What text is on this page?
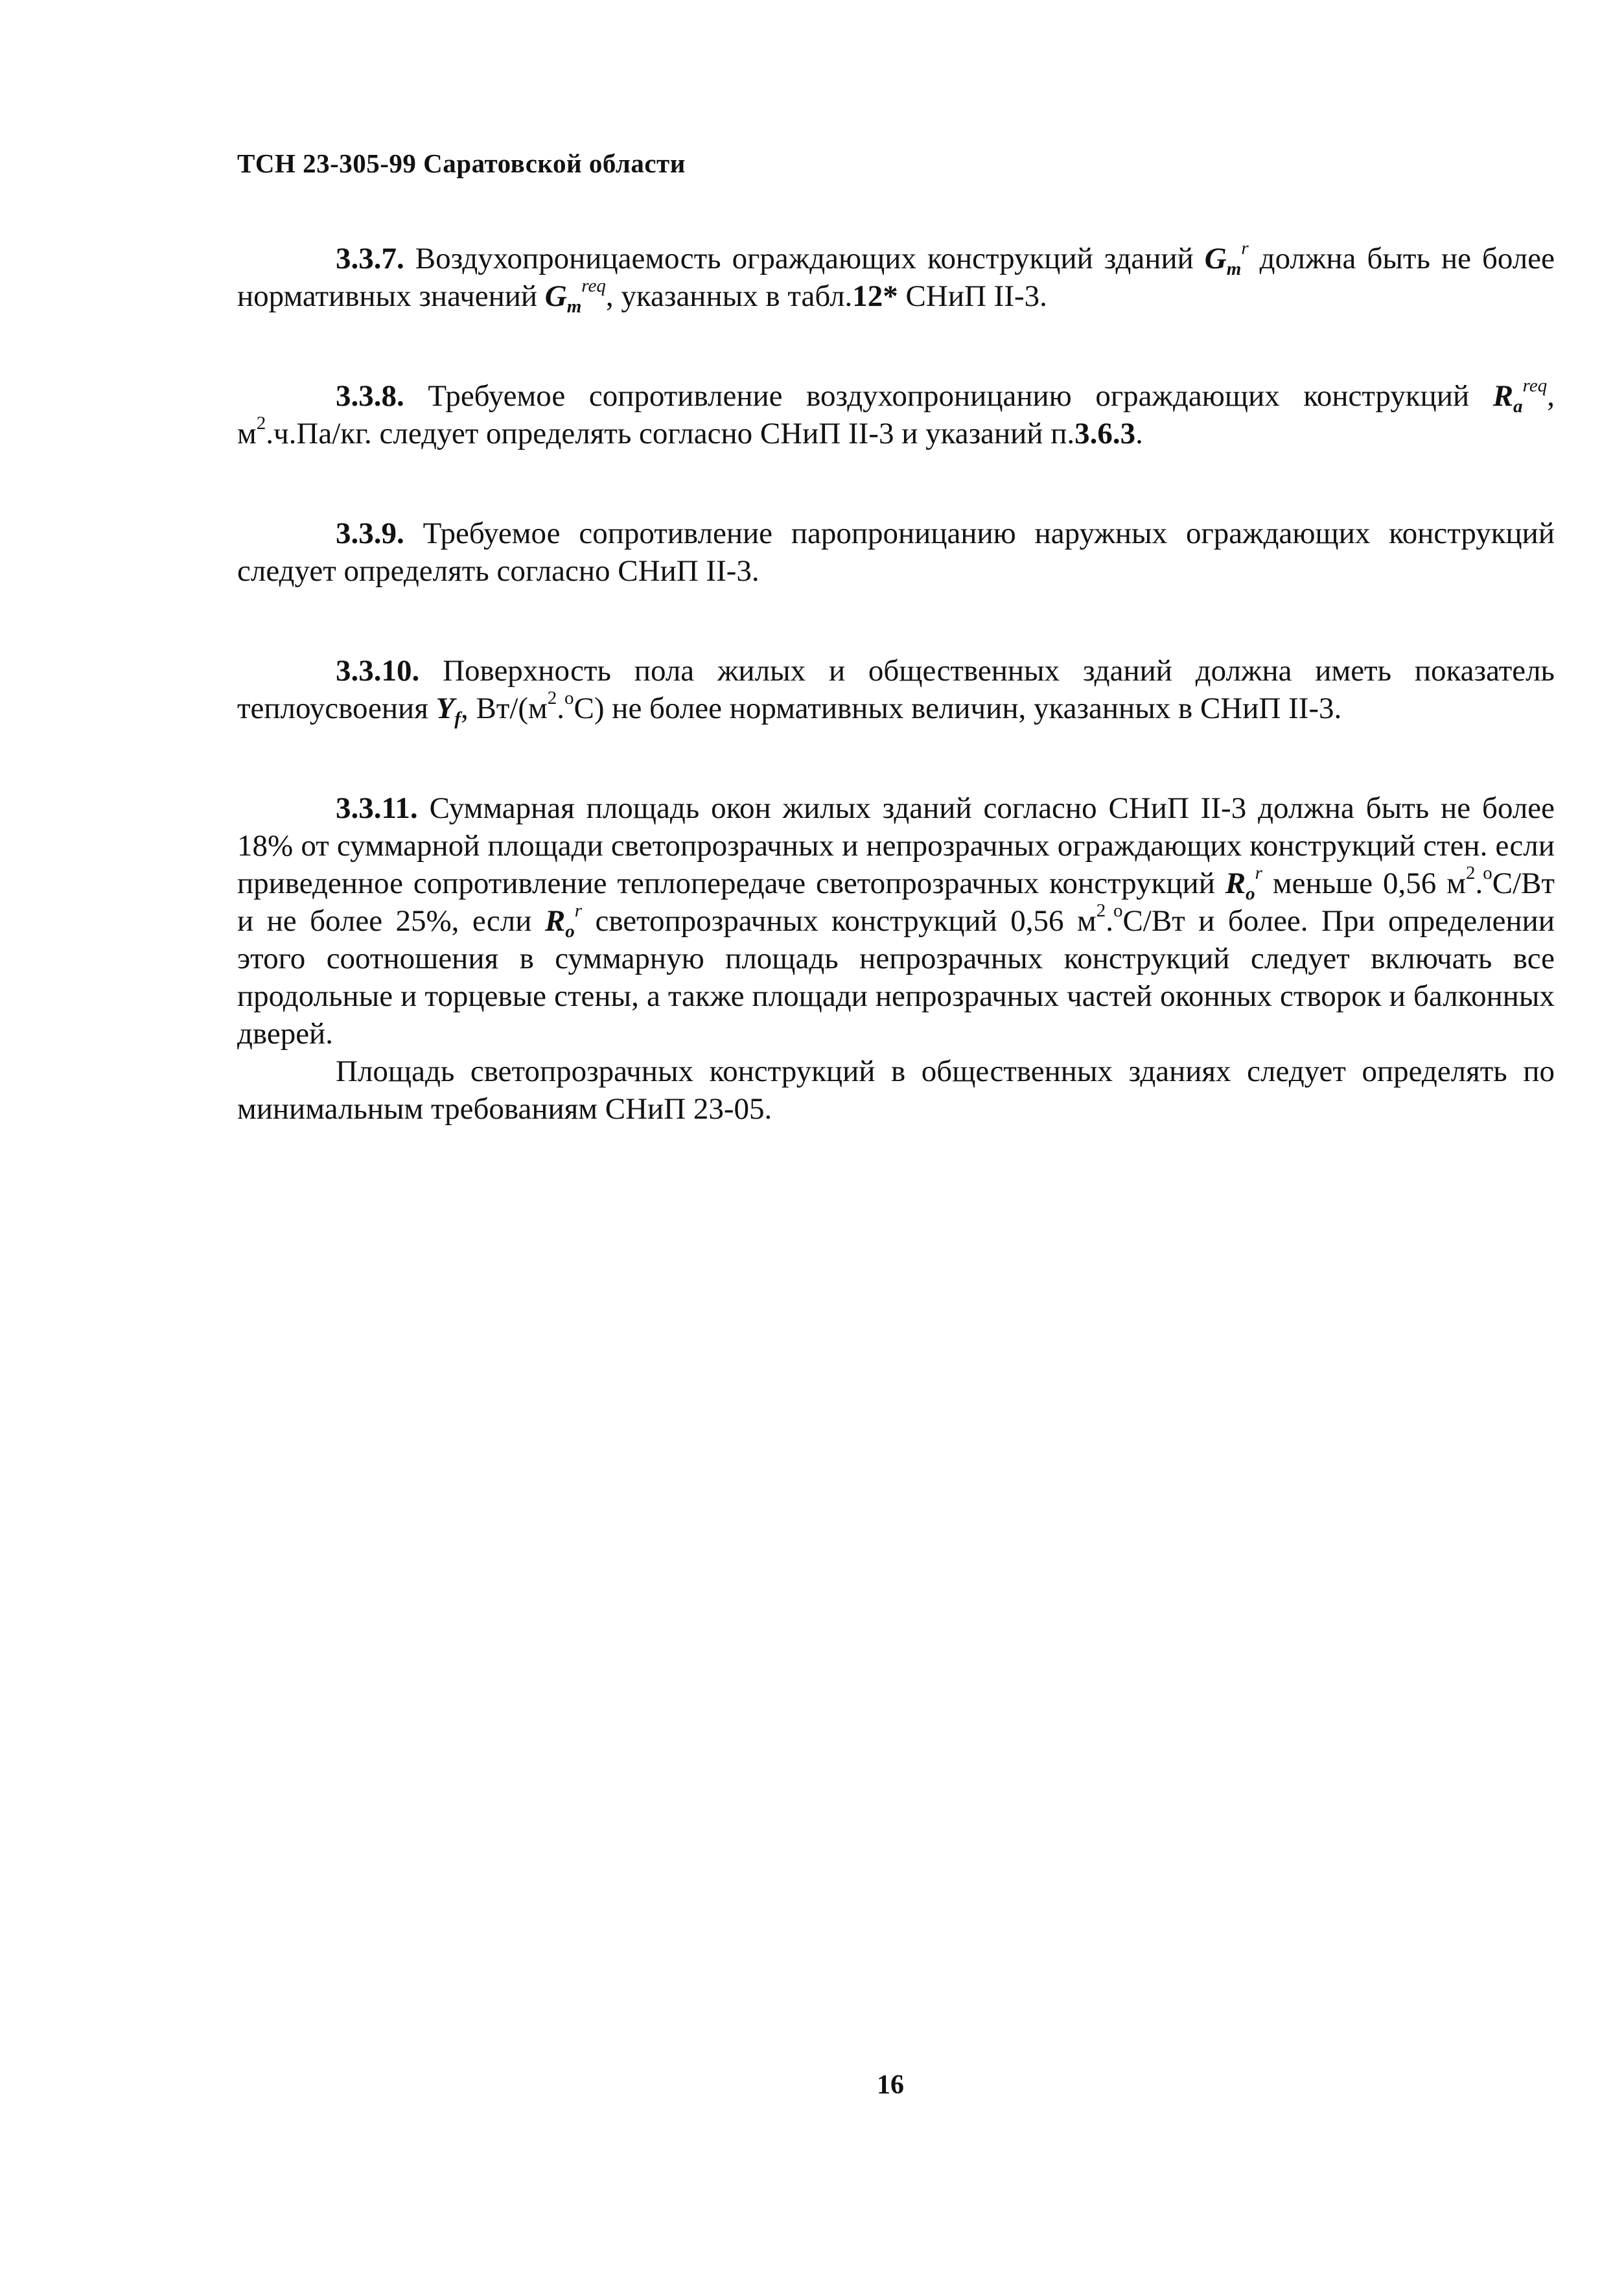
ТСН 23-305-99 Саратовской области

3.3.7. Воздухопроницаемость ограждающих конструкций зданий $G_m^r$ должна быть не более нормативных значений $G_m^{req}$, указанных в табл.12* СНиП II-3.

3.3.8. Требуемое сопротивление воздухопроницанию ограждающих конструкций $R_a^{req}$, $м^2.ч.Па/кг$. следует определять согласно СНиП II-3 и указаний п.3.6.3.

3.3.9. Требуемое сопротивление паропроницанию наружных ограждающих конструкций следует определять согласно СНиП II-3.

3.3.10. Поверхность пола жилых и общественных зданий должна иметь показатель теплоусвоения $Y_f$, $Вт/(м^2.^oС)$ не более нормативных величин, указанных в СНиП II-3.

3.3.11. Суммарная площадь окон жилых зданий согласно СНиП II-3 должна быть не более 18% от суммарной площади светопрозрачных и непрозрачных ограждающих конструкций стен. если приведенное сопротивление теплопередаче светопрозрачных конструкций $R_o^r$ меньше 0,56 $м^2.^oС/Вт$ и не более 25%, если $R_o^r$ светопрозрачных конструкций 0,56 $м^2.^oС/Вт$ и более. При определении этого соотношения в суммарную площадь непрозрачных конструкций следует включать все продольные и торцевые стены, а также площади непрозрачных частей оконных створок и балконных дверей.

Площадь светопрозрачных конструкций в общественных зданиях следует определять по минимальным требованиям СНиП 23-05.

16
